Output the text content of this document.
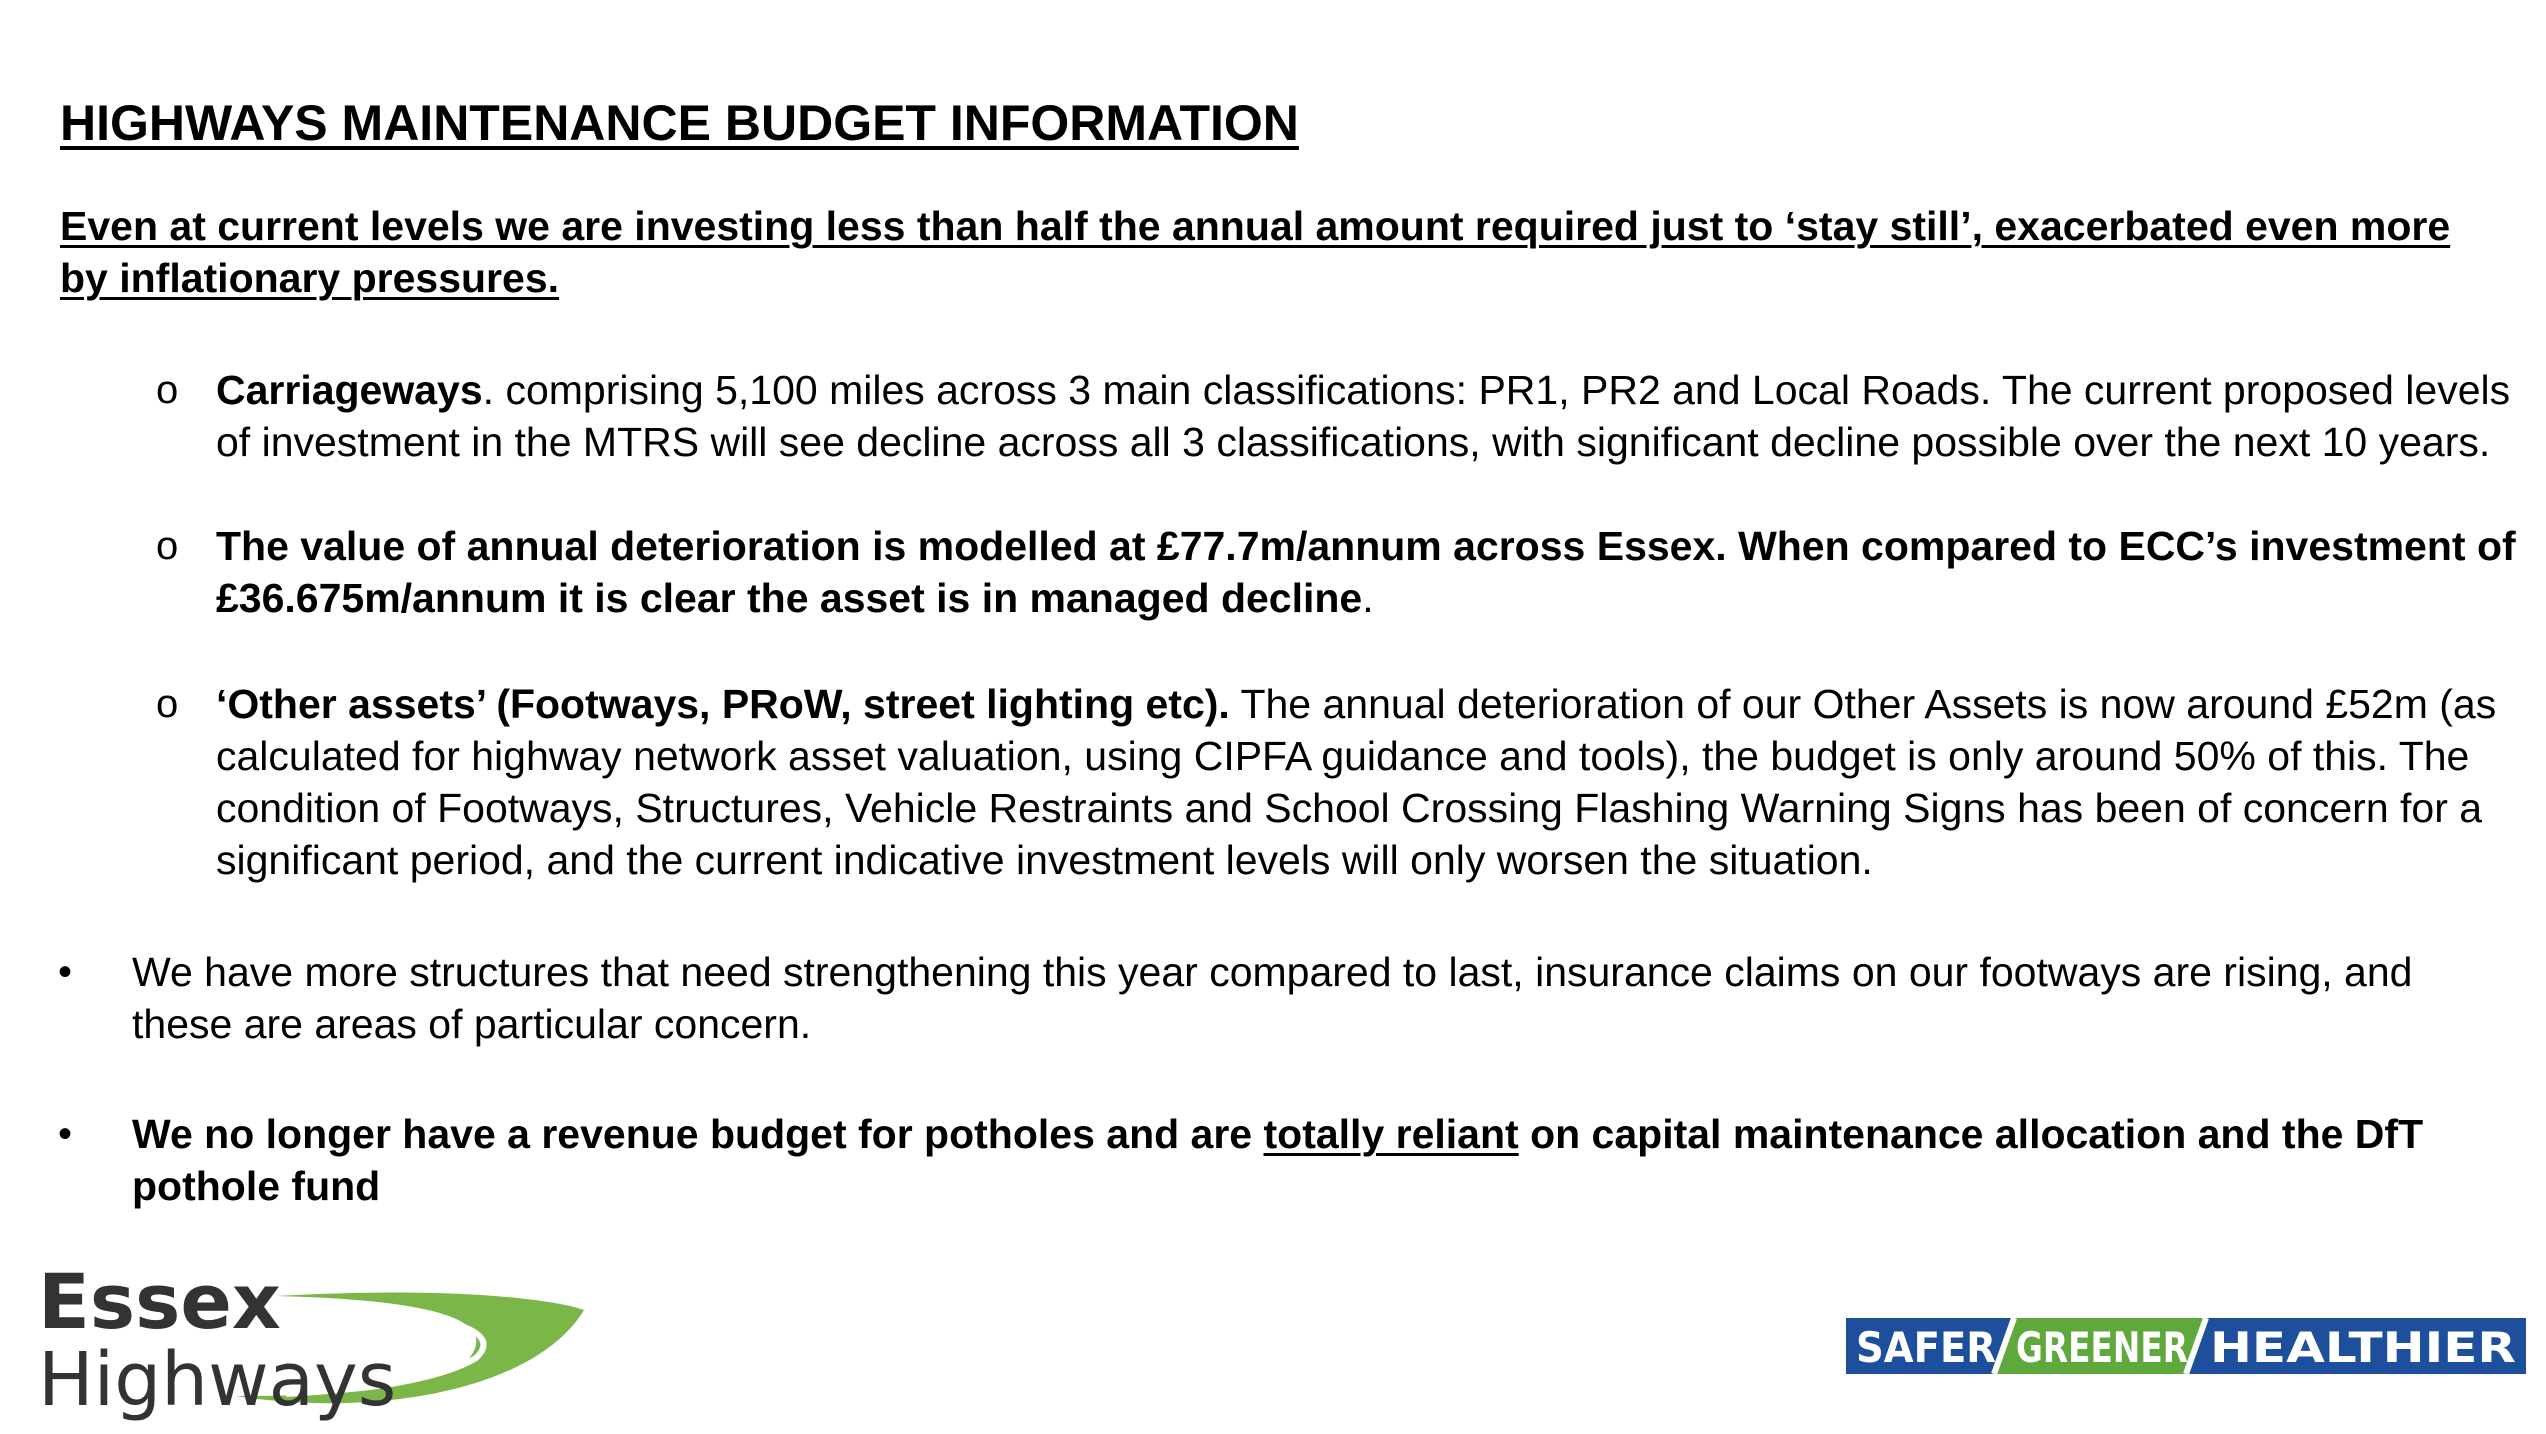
HIGHWAYS MAINTENANCE BUDGET INFORMATION

Even at current levels we are investing less than half the annual amount required just to ‘stay still’, exacerbated even more by inflationary pressures.

o Carriageways. comprising 5,100 miles across 3 main classifications: PR1, PR2 and Local Roads. The current proposed levels of investment in the MTRS will see decline across all 3 classifications, with significant decline possible over the next 10 years.

o The value of annual deterioration is modelled at £77.7m/annum across Essex. When compared to ECC’s investment of £36.675m/annum it is clear the asset is in managed decline.

o ‘Other assets’ (Footways, PRoW, street lighting etc). The annual deterioration of our Other Assets is now around £52m (as calculated for highway network asset valuation, using CIPFA guidance and tools), the budget is only around 50% of this. The condition of Footways, Structures, Vehicle Restraints and School Crossing Flashing Warning Signs has been of concern for a significant period, and the current indicative investment levels will only worsen the situation.

• We have more structures that need strengthening this year compared to last, insurance claims on our footways are rising, and these are areas of particular concern.

• We no longer have a revenue budget for potholes and are totally reliant on capital maintenance allocation and the DfT pothole fund

Essex
Highways	SAFER GREENER HEALTHIER
